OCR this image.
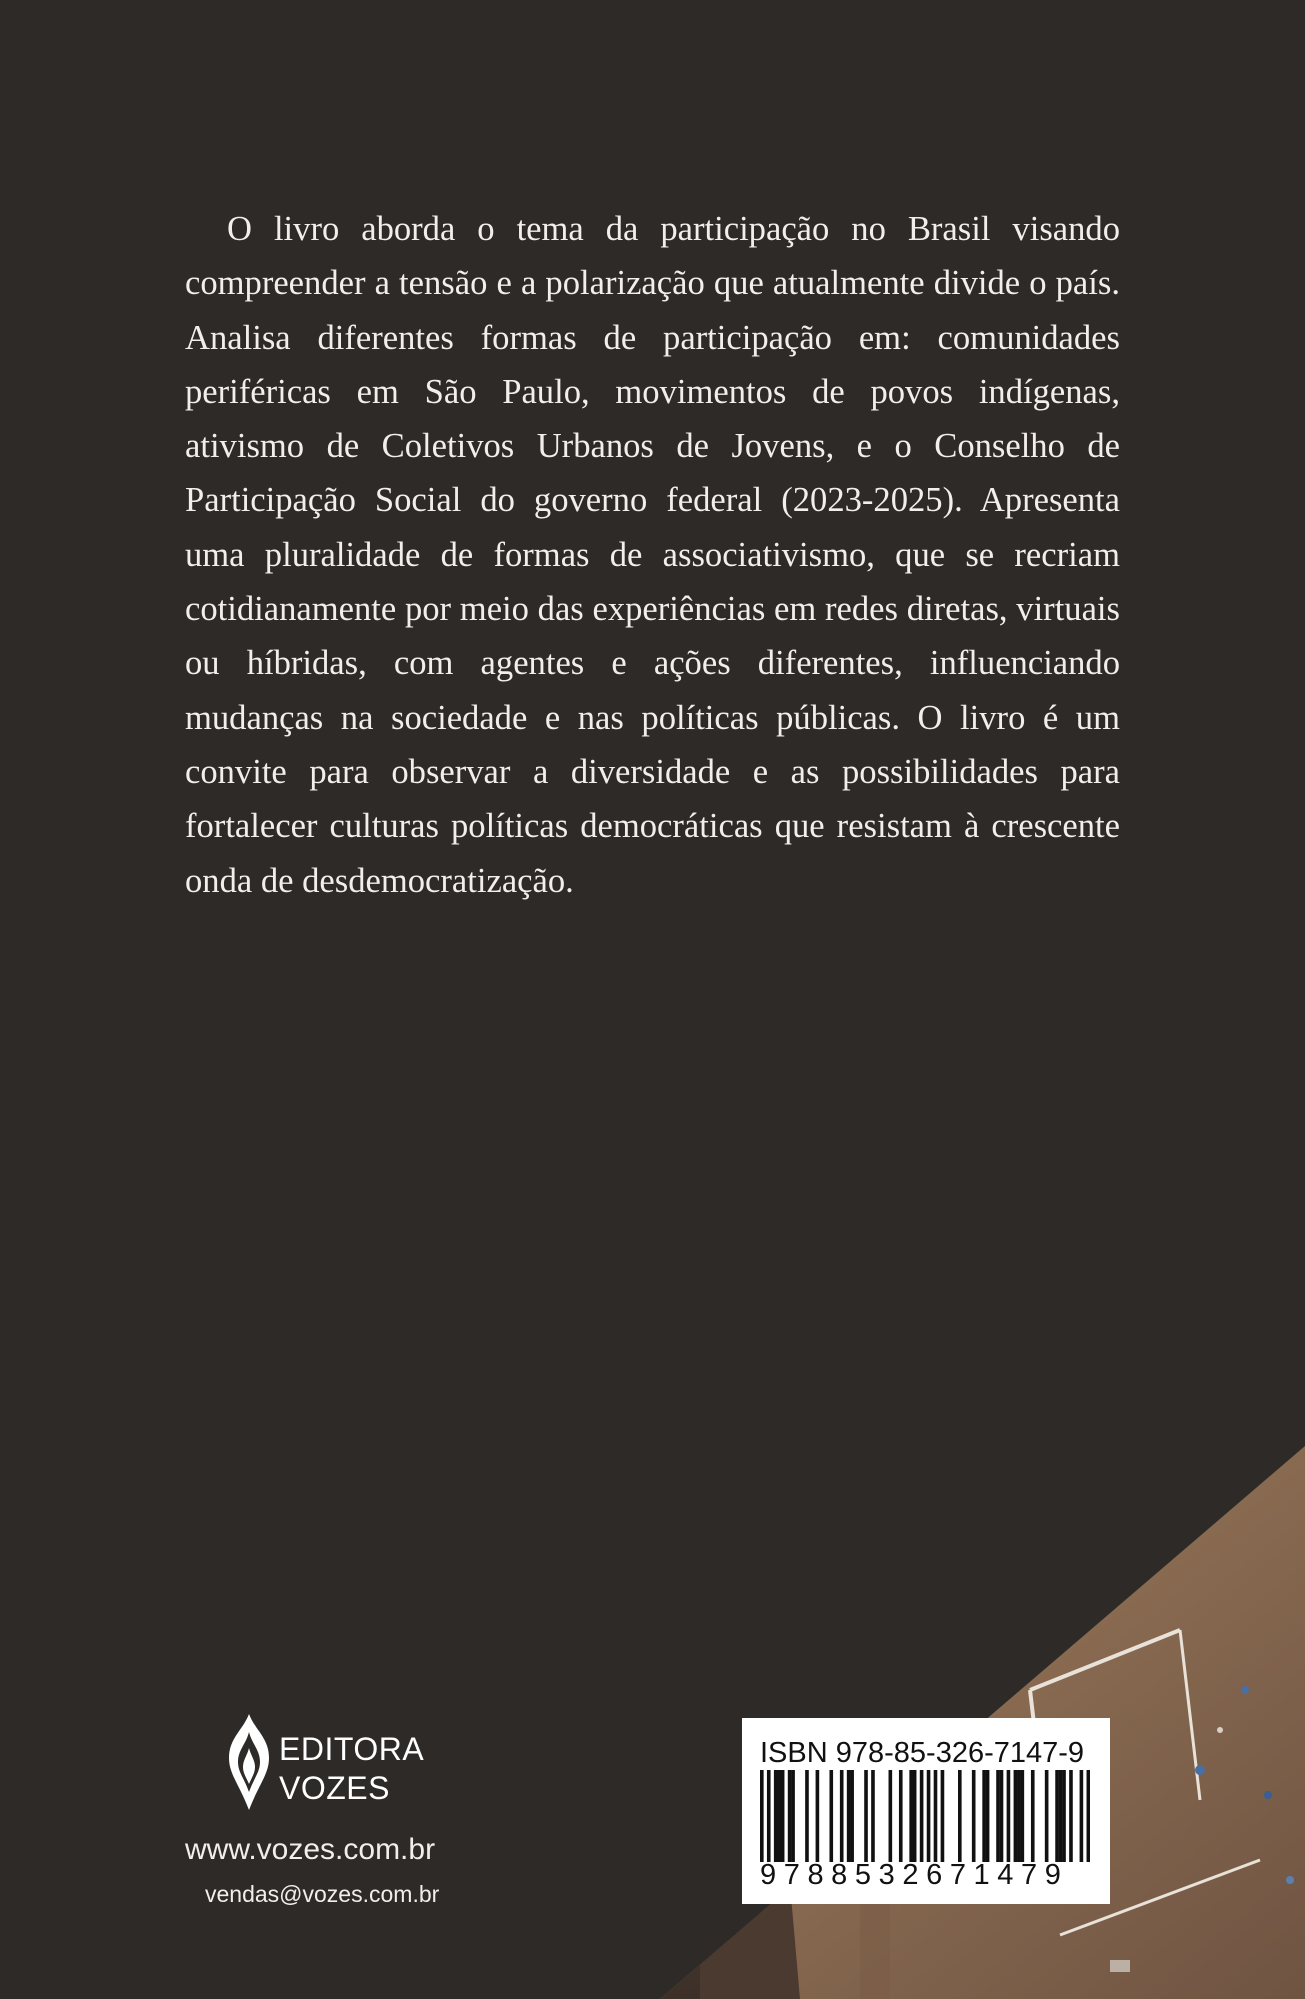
O livro aborda o tema da participação no Brasil visando compreender a tensão e a polarização que atualmente divide o país. Analisa diferentes formas de participação em: comunidades periféricas em São Paulo, movimentos de povos indígenas, ativismo de Coletivos Urbanos de Jovens, e o Conselho de Participação Social do governo federal (2023-2025). Apresenta uma pluralidade de formas de associativismo, que se recriam cotidianamente por meio das experiências em redes diretas, virtuais ou híbridas, com agentes e ações diferentes, influenciando mudanças na sociedade e nas políticas públicas. O livro é um convite para observar a diversidade e as possibilidades para fortalecer culturas políticas democráticas que resistam à crescente onda de desdemocratização.
EDITORA
VOZES
www.vozes.com.br
vendas@vozes.com.br
ISBN 978-85-326-7147-9
9788532671479
